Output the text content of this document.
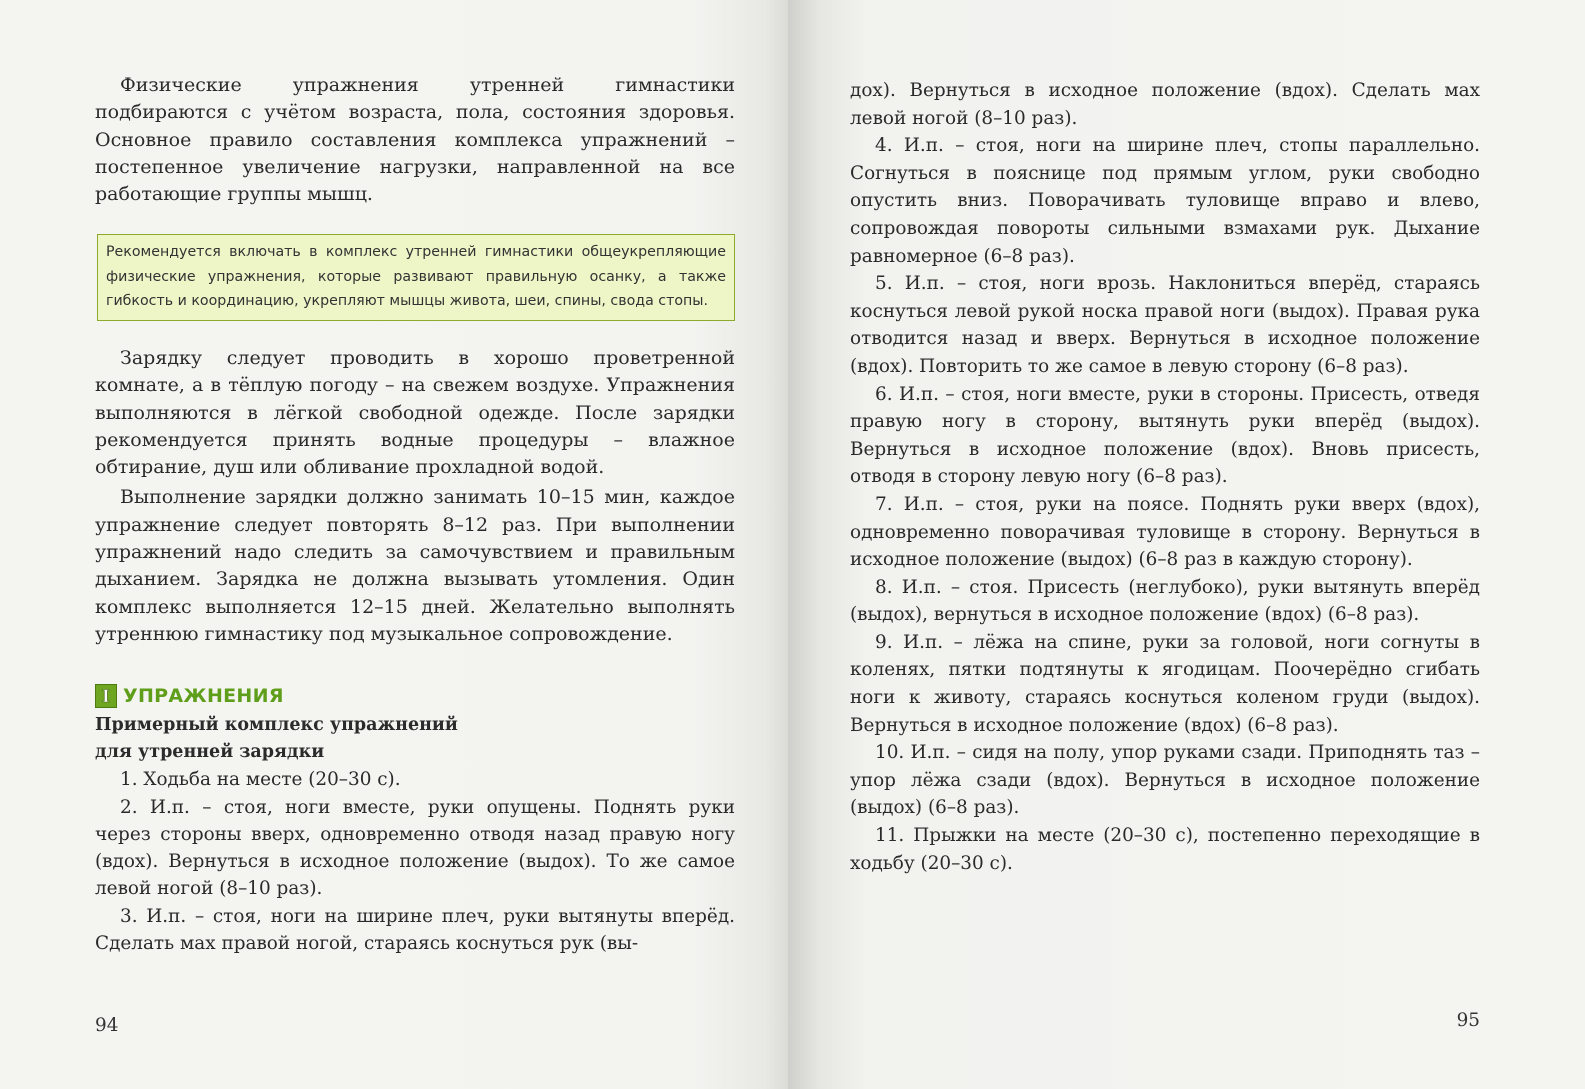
Физические упражнения утренней гимнастики подбираются с учётом возраста, пола, состояния здоровья. Основное правило составления комплекса упражнений – постепенное увеличение нагрузки, направленной на все работающие группы мышц.

Рекомендуется включать в комплекс утренней гимнастики общеукрепляющие физические упражнения, которые развивают правильную осанку, а также гибкость и координацию, укрепляют мышцы живота, шеи, спины, свода стопы.

Зарядку следует проводить в хорошо проветренной комнате, а в тёплую погоду – на свежем воздухе. Упражнения выполняются в лёгкой свободной одежде. После зарядки рекомендуется принять водные процедуры – влажное обтирание, душ или обливание прохладной водой.

Выполнение зарядки должно занимать 10–15 мин, каждое упражнение следует повторять 8–12 раз. При выполнении упражнений надо следить за самочувствием и правильным дыханием. Зарядка не должна вызывать утомления. Один комплекс выполняется 12–15 дней. Желательно выполнять утреннюю гимнастику под музыкальное сопровождение.

I УПРАЖНЕНИЯ
Примерный комплекс упражнений
для утренней зарядки

1. Ходьба на месте (20–30 с).

2. И.п. – стоя, ноги вместе, руки опущены. Поднять руки через стороны вверх, одновременно отводя назад правую ногу (вдох). Вернуться в исходное положение (выдох). То же самое левой ногой (8–10 раз).

3. И.п. – стоя, ноги на ширине плеч, руки вытянуты вперёд. Сделать мах правой ногой, стараясь коснуться рук (вы-

94

дох). Вернуться в исходное положение (вдох). Сделать мах левой ногой (8–10 раз).

4. И.п. – стоя, ноги на ширине плеч, стопы параллельно. Согнуться в пояснице под прямым углом, руки свободно опустить вниз. Поворачивать туловище вправо и влево, сопровождая повороты сильными взмахами рук. Дыхание равномерное (6–8 раз).

5. И.п. – стоя, ноги врозь. Наклониться вперёд, стараясь коснуться левой рукой носка правой ноги (выдох). Правая рука отводится назад и вверх. Вернуться в исходное положение (вдох). Повторить то же самое в левую сторону (6–8 раз).

6. И.п. – стоя, ноги вместе, руки в стороны. Присесть, отведя правую ногу в сторону, вытянуть руки вперёд (выдох). Вернуться в исходное положение (вдох). Вновь присесть, отводя в сторону левую ногу (6–8 раз).

7. И.п. – стоя, руки на поясе. Поднять руки вверх (вдох), одновременно поворачивая туловище в сторону. Вернуться в исходное положение (выдох) (6–8 раз в каждую сторону).

8. И.п. – стоя. Присесть (неглубоко), руки вытянуть вперёд (выдох), вернуться в исходное положение (вдох) (6–8 раз).

9. И.п. – лёжа на спине, руки за головой, ноги согнуты в коленях, пятки подтянуты к ягодицам. Поочерёдно сгибать ноги к животу, стараясь коснуться коленом груди (выдох). Вернуться в исходное положение (вдох) (6–8 раз).

10. И.п. – сидя на полу, упор руками сзади. Приподнять таз – упор лёжа сзади (вдох). Вернуться в исходное положение (выдох) (6–8 раз).

11. Прыжки на месте (20–30 с), постепенно переходящие в ходьбу (20–30 с).

95
